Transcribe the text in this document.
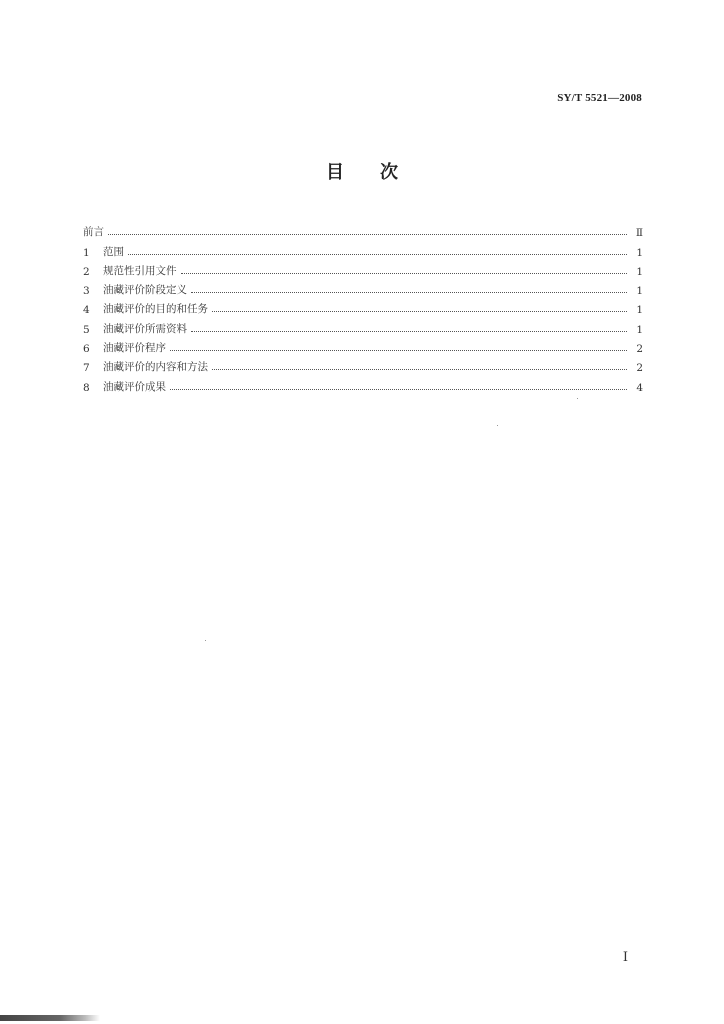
SY/T 5521—2008
目 次
前言	Ⅱ
1	范围	1
2	规范性引用文件	1
3	油藏评价阶段定义	1
4	油藏评价的目的和任务	1
5	油藏评价所需资料	1
6	油藏评价程序	2
7	油藏评价的内容和方法	2
8	油藏评价成果	4
I
